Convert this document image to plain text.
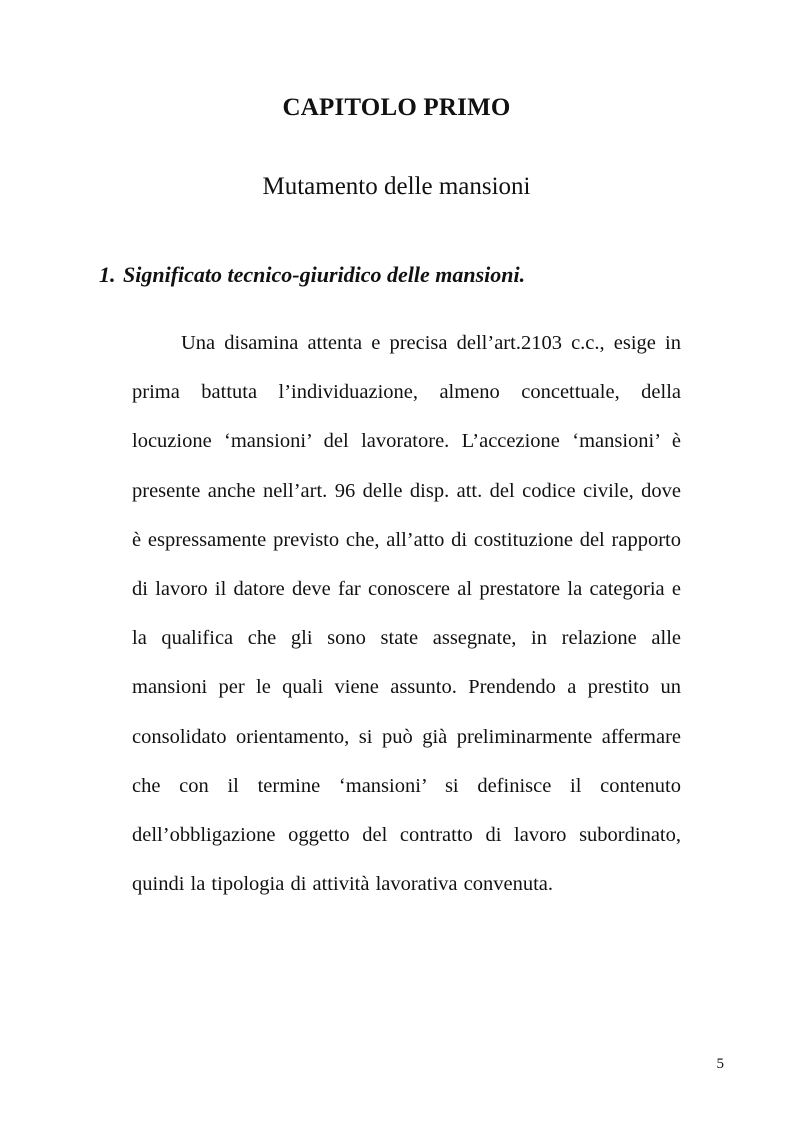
CAPITOLO PRIMO
Mutamento delle mansioni
1. Significato tecnico-giuridico delle mansioni.

Una disamina attenta e precisa dell’art.2103 c.c., esige in prima battuta l’individuazione, almeno concettuale, della locuzione ‘mansioni’ del lavoratore. L’accezione ‘mansioni’ è presente anche nell’art. 96 delle disp. att. del codice civile, dove è espressamente previsto che, all’atto di costituzione del rapporto di lavoro il datore deve far conoscere al prestatore la categoria e la qualifica che gli sono state assegnate, in relazione alle mansioni per le quali viene assunto. Prendendo a prestito un consolidato orientamento, si può già preliminarmente affermare che con il termine ‘mansioni’ si definisce il contenuto dell’obbligazione oggetto del contratto di lavoro subordinato, quindi la tipologia di attività lavorativa convenuta.

5
